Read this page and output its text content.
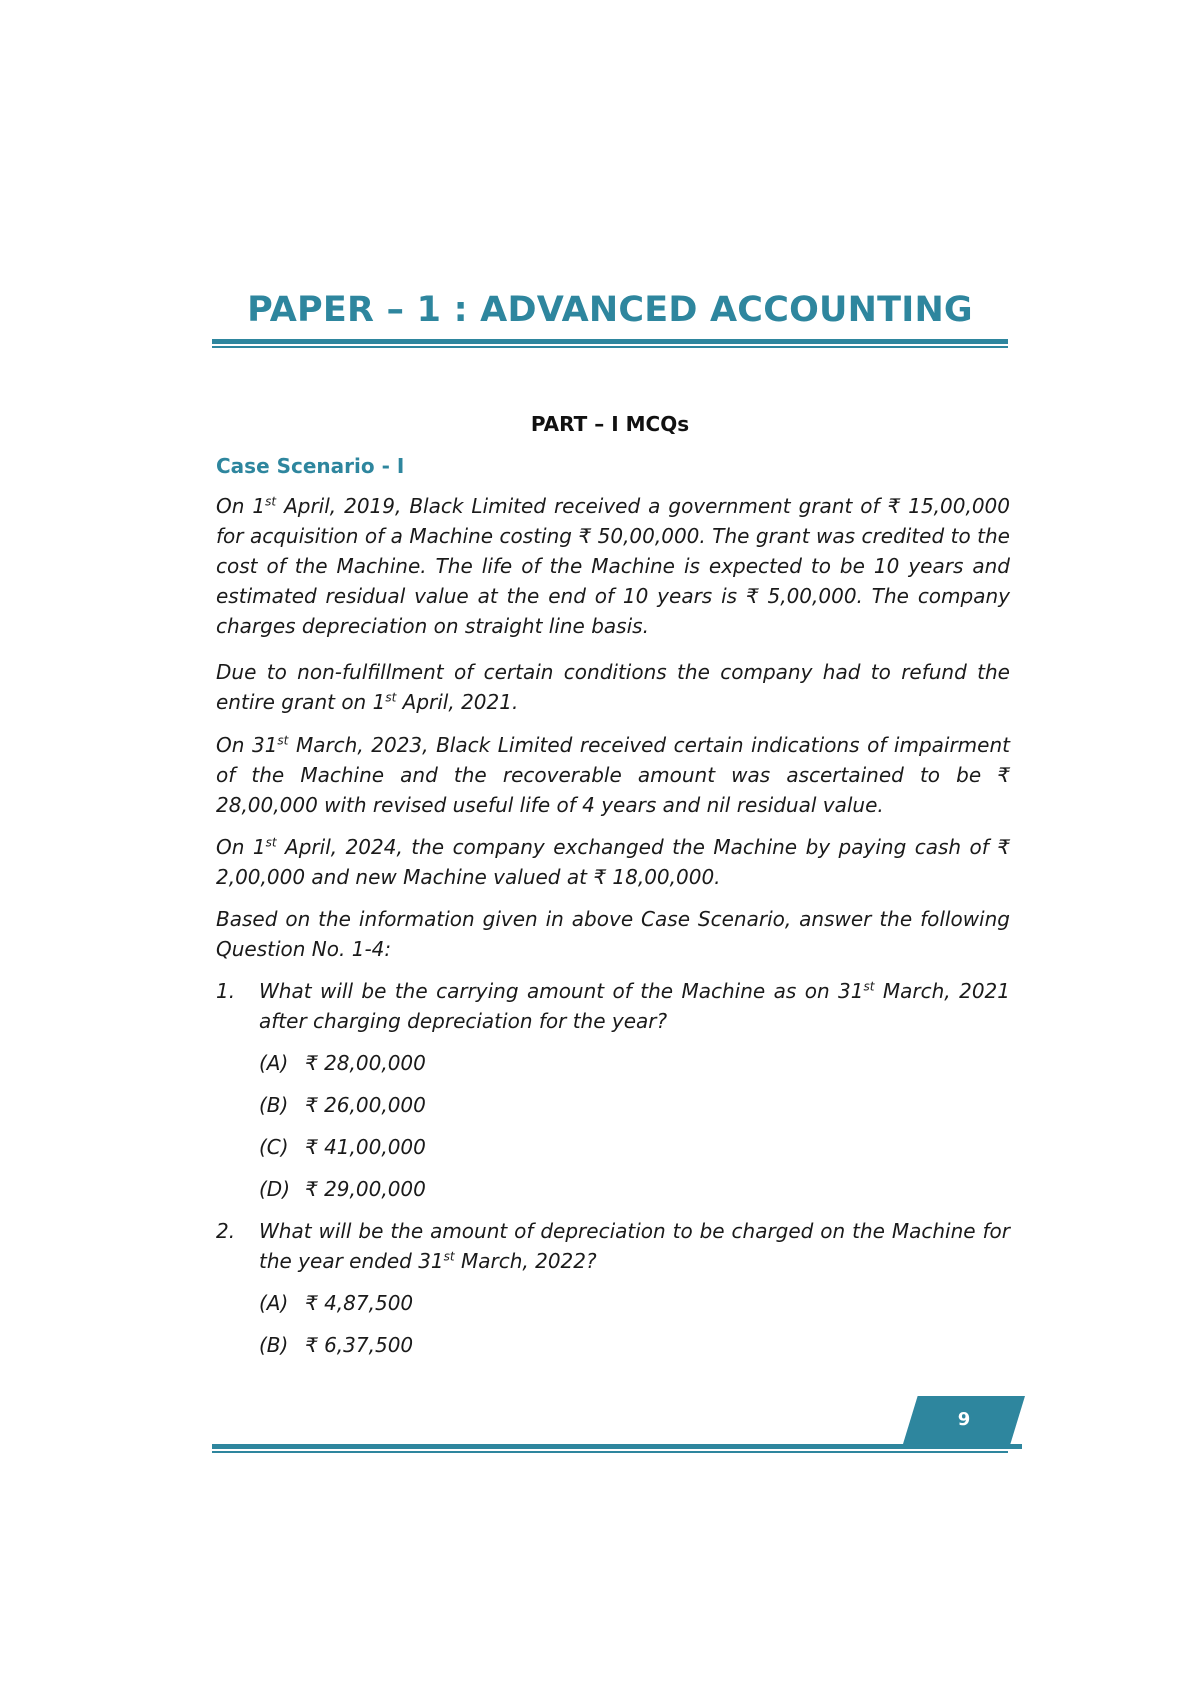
PAPER – 1 : ADVANCED ACCOUNTING
PART – I MCQs
Case Scenario - I

On 1st April, 2019, Black Limited received a government grant of ₹ 15,00,000 for acquisition of a Machine costing ₹ 50,00,000. The grant was credited to the cost of the Machine. The life of the Machine is expected to be 10 years and estimated residual value at the end of 10 years is ₹ 5,00,000. The company charges depreciation on straight line basis.

Due to non-fulfillment of certain conditions the company had to refund the entire grant on 1st April, 2021.

On 31st March, 2023, Black Limited received certain indications of impairment of the Machine and the recoverable amount was ascertained to be ₹ 28,00,000 with revised useful life of 4 years and nil residual value.

On 1st April, 2024, the company exchanged the Machine by paying cash of ₹ 2,00,000 and new Machine valued at ₹ 18,00,000.

Based on the information given in above Case Scenario, answer the following Question No. 1-4:

1. What will be the carrying amount of the Machine as on 31st March, 2021 after charging depreciation for the year?

(A) ₹ 28,00,000
(B) ₹ 26,00,000
(C) ₹ 41,00,000
(D) ₹ 29,00,000
2. What will be the amount of depreciation to be charged on the Machine for the year ended 31st March, 2022?

(A) ₹ 4,87,500
(B) ₹ 6,37,500
9
